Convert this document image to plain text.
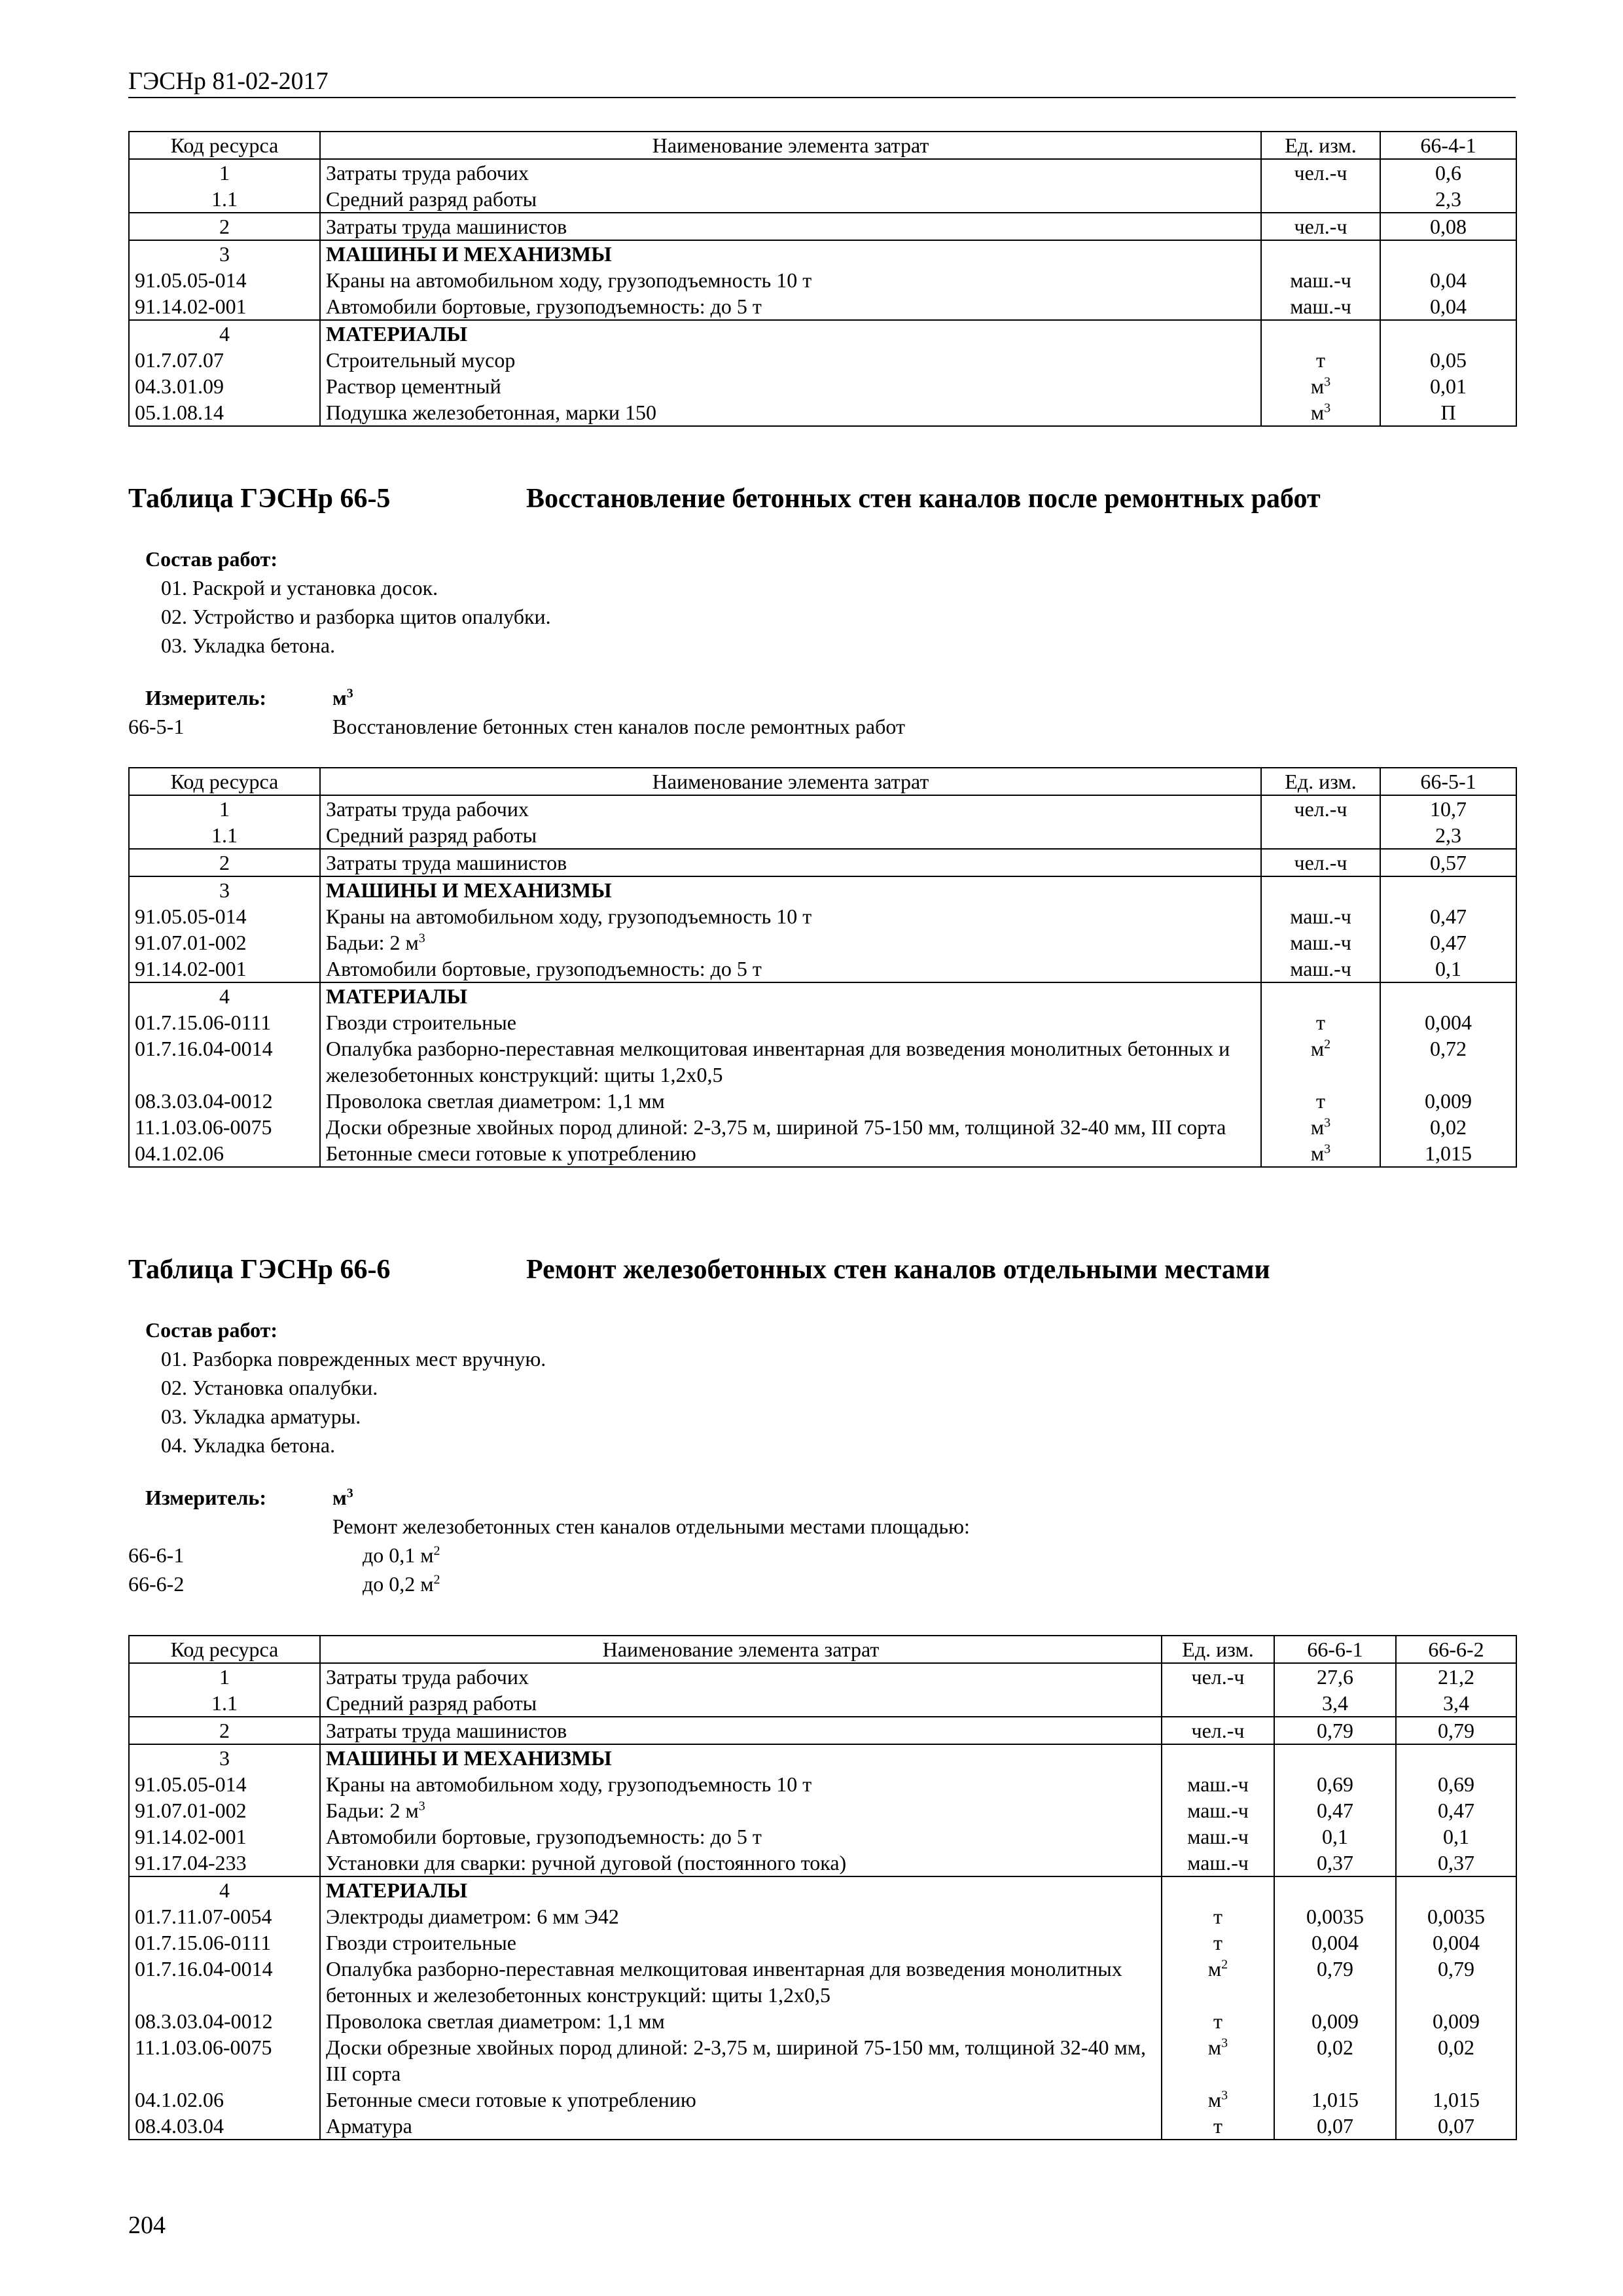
ГЭСНр 81-02-2017
Код ресурса	Наименование элемента затрат	Ед. изм.	66-4-1
1	Затраты труда рабочих	чел.-ч	0,6
1.1	Средний разряд работы		2,3
2	Затраты труда машинистов	чел.-ч	0,08
3	МАШИНЫ И МЕХАНИЗМЫ		
91.05.05-014	Краны на автомобильном ходу, грузоподъемность 10 т	маш.-ч	0,04
91.14.02-001	Автомобили бортовые, грузоподъемность: до 5 т	маш.-ч	0,04
4	МАТЕРИАЛЫ		
01.7.07.07	Строительный мусор	т	0,05
04.3.01.09	Раствор цементный	$м^3$	0,01
05.1.08.14	Подушка железобетонная, марки 150	$м^3$	П
Таблица ГЭСНр 66-5	Восстановление бетонных стен каналов после ремонтных работ
Состав работ:
01. Раскрой и установка досок.
02. Устройство и разборка щитов опалубки.
03. Укладка бетона.
Измеритель:	$м^3$
66-5-1	Восстановление бетонных стен каналов после ремонтных работ
Код ресурса	Наименование элемента затрат	Ед. изм.	66-5-1
1	Затраты труда рабочих	чел.-ч	10,7
1.1	Средний разряд работы		2,3
2	Затраты труда машинистов	чел.-ч	0,57
3	МАШИНЫ И МЕХАНИЗМЫ		
91.05.05-014	Краны на автомобильном ходу, грузоподъемность 10 т	маш.-ч	0,47
91.07.01-002	Бадьи: 2 $м^3$	маш.-ч	0,47
91.14.02-001	Автомобили бортовые, грузоподъемность: до 5 т	маш.-ч	0,1
4	МАТЕРИАЛЫ		
01.7.15.06-0111	Гвозди строительные	т	0,004
01.7.16.04-0014	Опалубка разборно-переставная мелкощитовая инвентарная для возведения монолитных бетонных и железобетонных конструкций: щиты 1,2х0,5	$м^2$	0,72
08.3.03.04-0012	Проволока светлая диаметром: 1,1 мм	т	0,009
11.1.03.06-0075	Доски обрезные хвойных пород длиной: 2-3,75 м, шириной 75-150 мм, толщиной 32-40 мм, III сорта	$м^3$	0,02
04.1.02.06	Бетонные смеси готовые к употреблению	$м^3$	1,015
Таблица ГЭСНр 66-6	Ремонт железобетонных стен каналов отдельными местами
Состав работ:
01. Разборка поврежденных мест вручную.
02. Установка опалубки.
03. Укладка арматуры.
04. Укладка бетона.
Измеритель:	$м^3$
Ремонт железобетонных стен каналов отдельными местами площадью:
66-6-1	до 0,1 $м^2$
66-6-2	до 0,2 $м^2$
Код ресурса	Наименование элемента затрат	Ед. изм.	66-6-1	66-6-2
1	Затраты труда рабочих	чел.-ч	27,6	21,2
1.1	Средний разряд работы		3,4	3,4
2	Затраты труда машинистов	чел.-ч	0,79	0,79
3	МАШИНЫ И МЕХАНИЗМЫ			
91.05.05-014	Краны на автомобильном ходу, грузоподъемность 10 т	маш.-ч	0,69	0,69
91.07.01-002	Бадьи: 2 $м^3$	маш.-ч	0,47	0,47
91.14.02-001	Автомобили бортовые, грузоподъемность: до 5 т	маш.-ч	0,1	0,1
91.17.04-233	Установки для сварки: ручной дуговой (постоянного тока)	маш.-ч	0,37	0,37
4	МАТЕРИАЛЫ			
01.7.11.07-0054	Электроды диаметром: 6 мм Э42	т	0,0035	0,0035
01.7.15.06-0111	Гвозди строительные	т	0,004	0,004
01.7.16.04-0014	Опалубка разборно-переставная мелкощитовая инвентарная для возведения монолитных бетонных и железобетонных конструкций: щиты 1,2х0,5	$м^2$	0,79	0,79
08.3.03.04-0012	Проволока светлая диаметром: 1,1 мм	т	0,009	0,009
11.1.03.06-0075	Доски обрезные хвойных пород длиной: 2-3,75 м, шириной 75-150 мм, толщиной 32-40 мм, III сорта	$м^3$	0,02	0,02
04.1.02.06	Бетонные смеси готовые к употреблению	$м^3$	1,015	1,015
08.4.03.04	Арматура	т	0,07	0,07
204
